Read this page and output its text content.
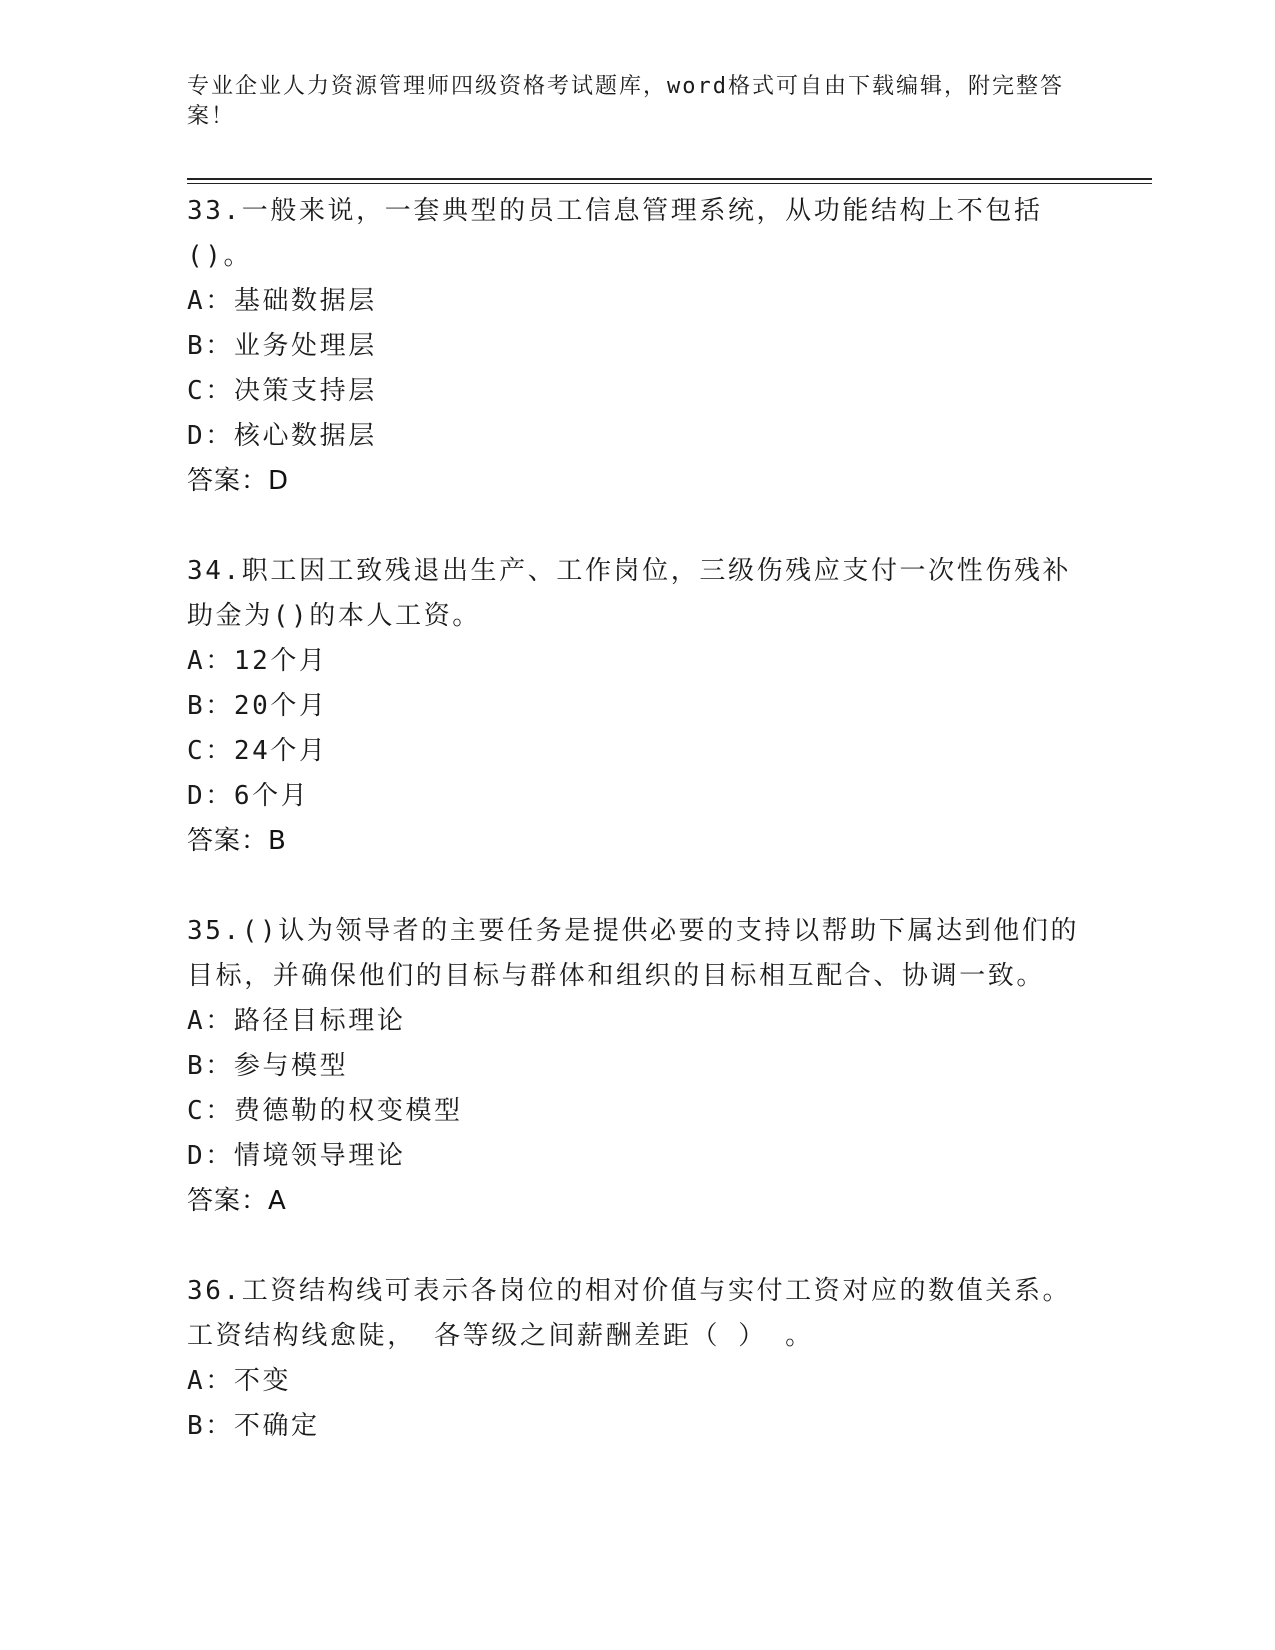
专业企业人力资源管理师四级资格考试题库，word格式可自由下载编辑，附完整答案！
33.一般来说，一套典型的员工信息管理系统，从功能结构上不包括()。
A： 基础数据层
B： 业务处理层
C： 决策支持层
D： 核心数据层
答案：D
34.职工因工致残退出生产、工作岗位，三级伤残应支付一次性伤残补助金为()的本人工资。
A： 12个月
B： 20个月
C： 24个月
D： 6个月
答案：B
35.()认为领导者的主要任务是提供必要的支持以帮助下属达到他们的目标，并确保他们的目标与群体和组织的目标相互配合、协调一致。
A： 路径目标理论
B： 参与模型
C： 费德勒的权变模型
D： 情境领导理论
答案：A
36.工资结构线可表示各岗位的相对价值与实付工资对应的数值关系。工资结构线愈陡， 各等级之间薪酬差距（ ） 。
A： 不变
B： 不确定
